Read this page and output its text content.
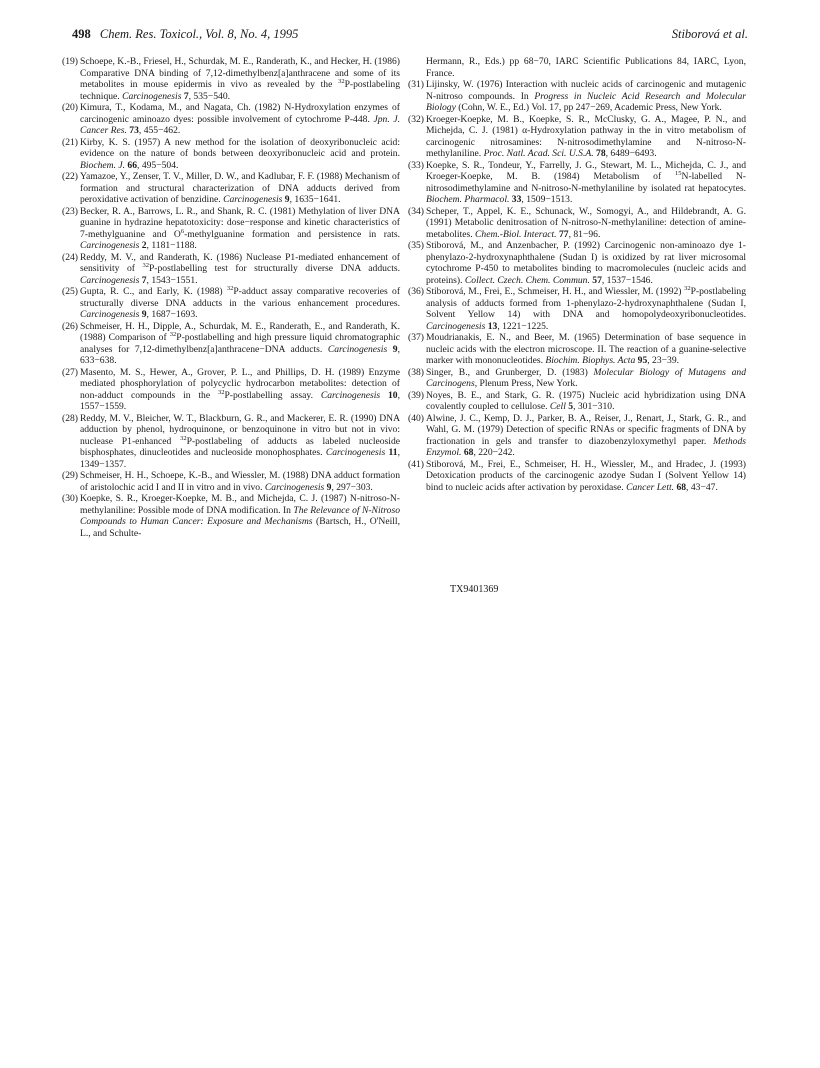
498 Chem. Res. Toxicol., Vol. 8, No. 4, 1995	Stiborová et al.
(19) Schoepe, K.-B., Friesel, H., Schurdak, M. E., Randerath, K., and Hecker, H. (1986) Comparative DNA binding of 7,12-dimethylbenz[a]anthracene and some of its metabolites in mouse epidermis in vivo as revealed by the $^{32}$P-postlabeling technique. Carcinogenesis 7, 535−540.
(20) Kimura, T., Kodama, M., and Nagata, Ch. (1982) N-Hydroxylation enzymes of carcinogenic aminoazo dyes: possible involvement of cytochrome P-448. Jpn. J. Cancer Res. 73, 455−462.
(21) Kirby, K. S. (1957) A new method for the isolation of deoxyribonucleic acid: evidence on the nature of bonds between deoxyribonucleic acid and protein. Biochem. J. 66, 495−504.
(22) Yamazoe, Y., Zenser, T. V., Miller, D. W., and Kadlubar, F. F. (1988) Mechanism of formation and structural characterization of DNA adducts derived from peroxidative activation of benzidine. Carcinogenesis 9, 1635−1641.
(23) Becker, R. A., Barrows, L. R., and Shank, R. C. (1981) Methylation of liver DNA guanine in hydrazine hepatotoxicity: dose−response and kinetic characteristics of 7-methylguanine and $O^6$-methylguanine formation and persistence in rats. Carcinogenesis 2, 1181−1188.
(24) Reddy, M. V., and Randerath, K. (1986) Nuclease P1-mediated enhancement of sensitivity of $^{32}$P-postlabelling test for structurally diverse DNA adducts. Carcinogenesis 7, 1543−1551.
(25) Gupta, R. C., and Early, K. (1988) $^{32}$P-adduct assay comparative recoveries of structurally diverse DNA adducts in the various enhancement procedures. Carcinogenesis 9, 1687−1693.
(26) Schmeiser, H. H., Dipple, A., Schurdak, M. E., Randerath, E., and Randerath, K. (1988) Comparison of $^{32}$P-postlabelling and high pressure liquid chromatographic analyses for 7,12-dimethylbenz[a]anthracene−DNA adducts. Carcinogenesis 9, 633−638.
(27) Masento, M. S., Hewer, A., Grover, P. L., and Phillips, D. H. (1989) Enzyme mediated phosphorylation of polycyclic hydrocarbon metabolites: detection of non-adduct compounds in the $^{32}$P-postlabelling assay. Carcinogenesis 10, 1557−1559.
(28) Reddy, M. V., Bleicher, W. T., Blackburn, G. R., and Mackerer, E. R. (1990) DNA adduction by phenol, hydroquinone, or benzoquinone in vitro but not in vivo: nuclease P1-enhanced $^{32}$P-postlabeling of adducts as labeled nucleoside bisphosphates, dinucleotides and nucleoside monophosphates. Carcinogenesis 11, 1349−1357.
(29) Schmeiser, H. H., Schoepe, K.-B., and Wiessler, M. (1988) DNA adduct formation of aristolochic acid I and II in vitro and in vivo. Carcinogenesis 9, 297−303.
(30) Koepke, S. R., Kroeger-Koepke, M. B., and Michejda, C. J. (1987) N-nitroso-N-methylaniline: Possible mode of DNA modification. In The Relevance of N-Nitroso Compounds to Human Cancer: Exposure and Mechanisms (Bartsch, H., O'Neill, L., and Schulte-
Hermann, R., Eds.) pp 68−70, IARC Scientific Publications 84, IARC, Lyon, France.
(31) Lijinsky, W. (1976) Interaction with nucleic acids of carcinogenic and mutagenic N-nitroso compounds. In Progress in Nucleic Acid Research and Molecular Biology (Cohn, W. E., Ed.) Vol. 17, pp 247−269, Academic Press, New York.
(32) Kroeger-Koepke, M. B., Koepke, S. R., McClusky, G. A., Magee, P. N., and Michejda, C. J. (1981) α-Hydroxylation pathway in the in vitro metabolism of carcinogenic nitrosamines: N-nitrosodimethylamine and N-nitroso-N-methylaniline. Proc. Natl. Acad. Sci. U.S.A. 78, 6489−6493.
(33) Koepke, S. R., Tondeur, Y., Farrelly, J. G., Stewart, M. L., Michejda, C. J., and Kroeger-Koepke, M. B. (1984) Metabolism of $^{15}$N-labelled N-nitrosodimethylamine and N-nitroso-N-methylaniline by isolated rat hepatocytes. Biochem. Pharmacol. 33, 1509−1513.
(34) Scheper, T., Appel, K. E., Schunack, W., Somogyi, A., and Hildebrandt, A. G. (1991) Metabolic denitrosation of N-nitroso-N-methylaniline: detection of amine-metabolites. Chem.-Biol. Interact. 77, 81−96.
(35) Stiborová, M., and Anzenbacher, P. (1992) Carcinogenic non-aminoazo dye 1-phenylazo-2-hydroxynaphthalene (Sudan I) is oxidized by rat liver microsomal cytochrome P-450 to metabolites binding to macromolecules (nucleic acids and proteins). Collect. Czech. Chem. Commun. 57, 1537−1546.
(36) Stiborová, M., Frei, E., Schmeiser, H. H., and Wiessler, M. (1992) $^{32}$P-postlabeling analysis of adducts formed from 1-phenylazo-2-hydroxynaphthalene (Sudan I, Solvent Yellow 14) with DNA and homopolydeoxyribonucleotides. Carcinogenesis 13, 1221−1225.
(37) Moudrianakis, E. N., and Beer, M. (1965) Determination of base sequence in nucleic acids with the electron microscope. II. The reaction of a guanine-selective marker with mononucleotides. Biochim. Biophys. Acta 95, 23−39.
(38) Singer, B., and Grunberger, D. (1983) Molecular Biology of Mutagens and Carcinogens, Plenum Press, New York.
(39) Noyes, B. E., and Stark, G. R. (1975) Nucleic acid hybridization using DNA covalently coupled to cellulose. Cell 5, 301−310.
(40) Alwine, J. C., Kemp, D. J., Parker, B. A., Reiser, J., Renart, J., Stark, G. R., and Wahl, G. M. (1979) Detection of specific RNAs or specific fragments of DNA by fractionation in gels and transfer to diazobenzyloxymethyl paper. Methods Enzymol. 68, 220−242.
(41) Stiborová, M., Frei, E., Schmeiser, H. H., Wiessler, M., and Hradec, J. (1993) Detoxication products of the carcinogenic azodye Sudan I (Solvent Yellow 14) bind to nucleic acids after activation by peroxidase. Cancer Lett. 68, 43−47.
TX9401369
